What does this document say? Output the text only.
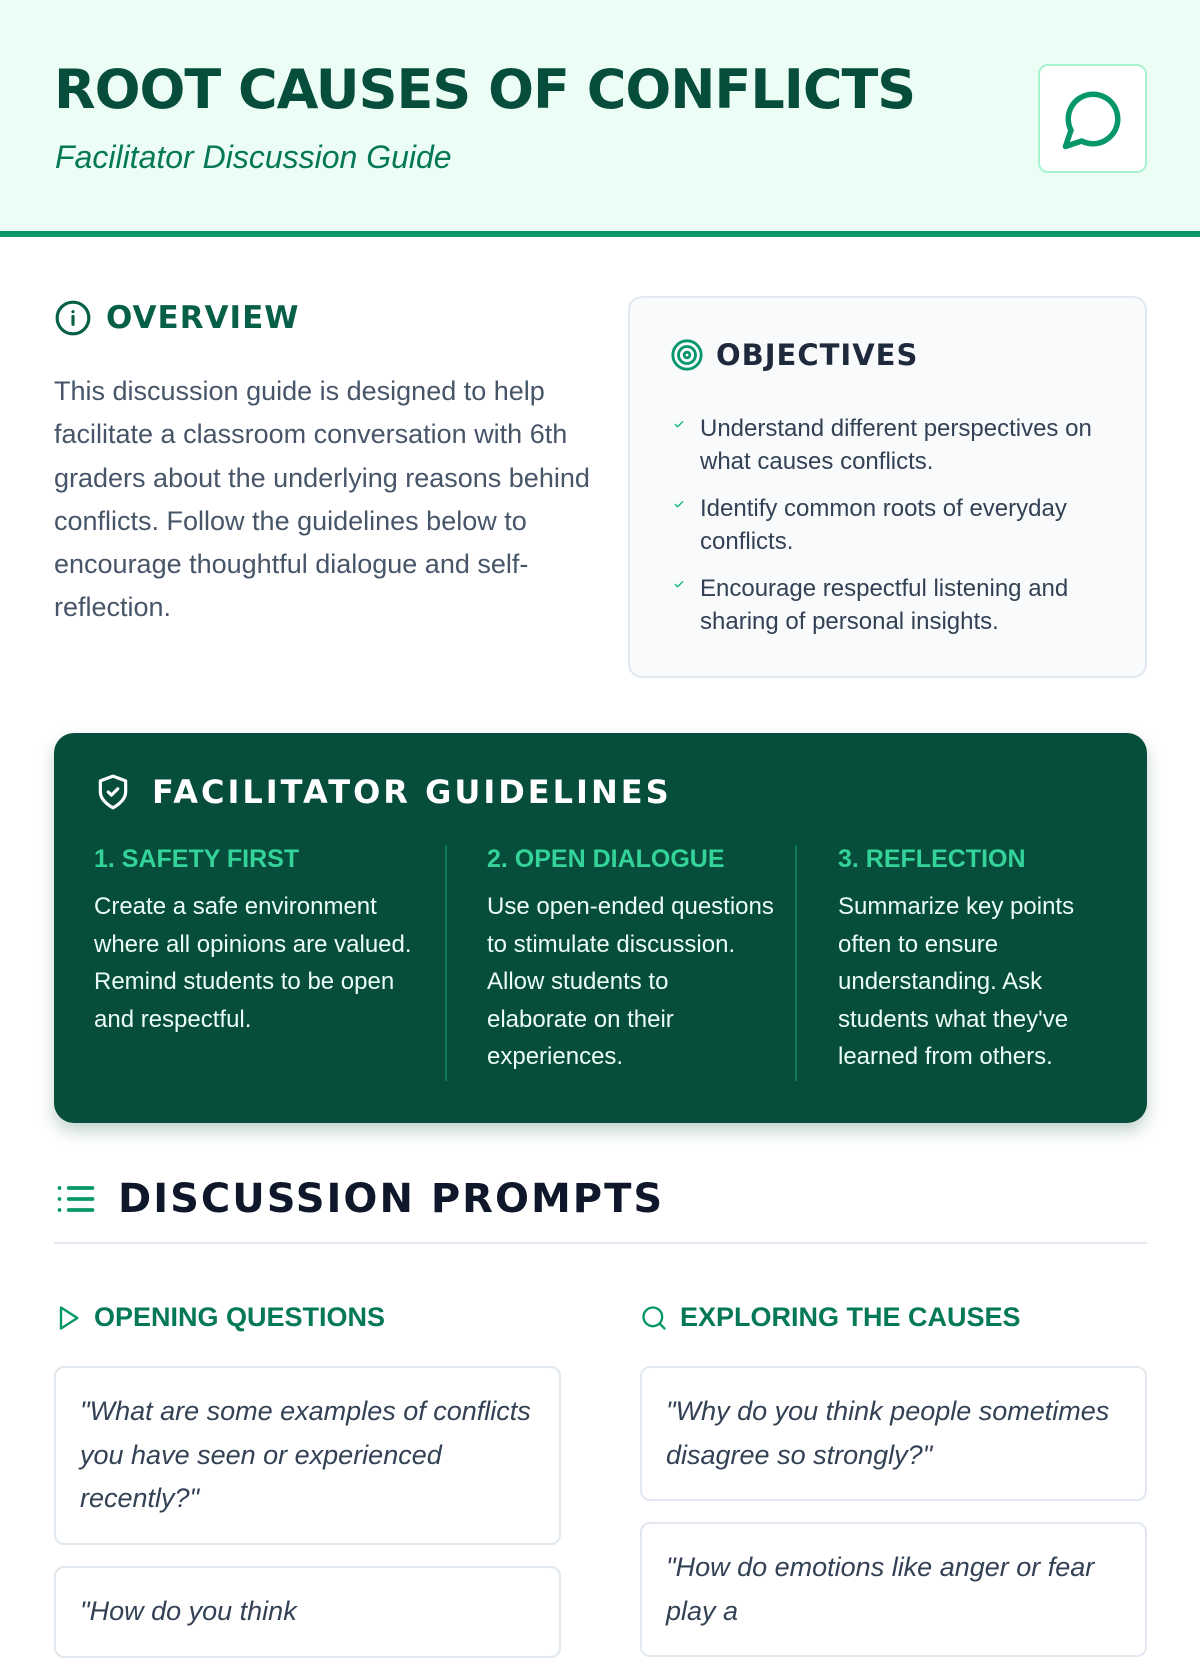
ROOT CAUSES OF CONFLICTS
Facilitator Discussion Guide
OVERVIEW
This discussion guide is designed to help facilitate a classroom conversation with 6th graders about the underlying reasons behind conflicts. Follow the guidelines below to encourage thoughtful dialogue and self-reflection.
OBJECTIVES
Understand different perspectives on what causes conflicts.
Identify common roots of everyday conflicts.
Encourage respectful listening and sharing of personal insights.
FACILITATOR GUIDELINES
1. SAFETY FIRST
Create a safe environment where all opinions are valued. Remind students to be open and respectful.
2. OPEN DIALOGUE
Use open-ended questions to stimulate discussion. Allow students to elaborate on their experiences.
3. REFLECTION
Summarize key points often to ensure understanding. Ask students what they've learned from others.
DISCUSSION PROMPTS
OPENING QUESTIONS
"What are some examples of conflicts you have seen or experienced recently?"
"How do you think
EXPLORING THE CAUSES
"Why do you think people sometimes disagree so strongly?"
"How do emotions like anger or fear play a
